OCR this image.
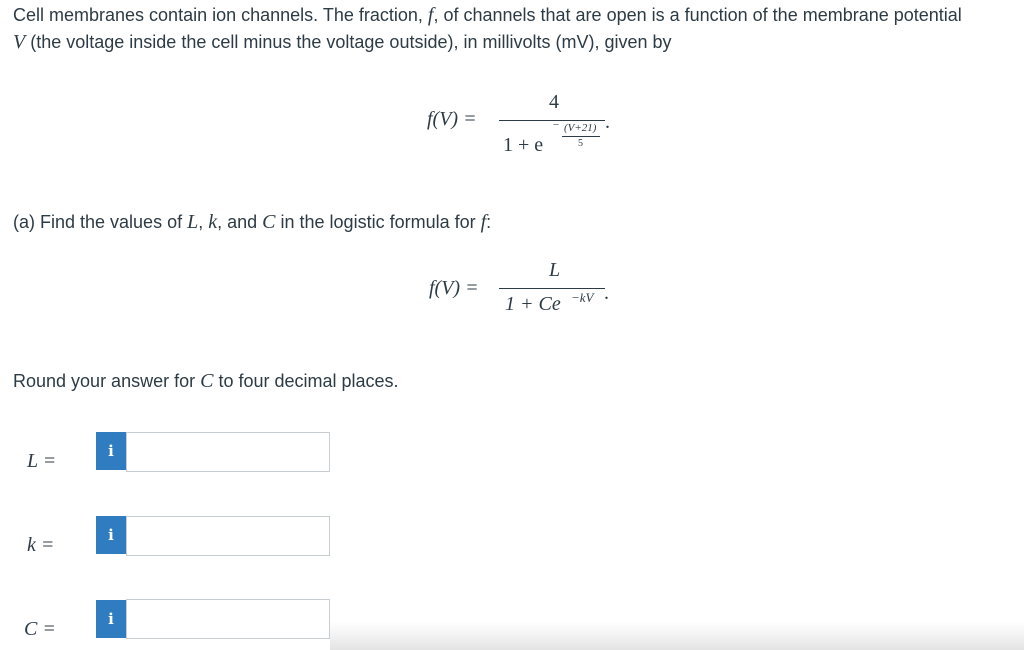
Cell membranes contain ion channels. The fraction, f, of channels that are open is a function of the membrane potential
V (the voltage inside the cell minus the voltage outside), in millivolts (mV), given by
f(V) =
4
1 + e
− (V+21)
5
.
(a) Find the values of L, k, and C in the logistic formula for f:
f(V) =
L
1 + Ce −kV .
Round your answer for C to four decimal places.
L =	i
k =	i
C =	i
